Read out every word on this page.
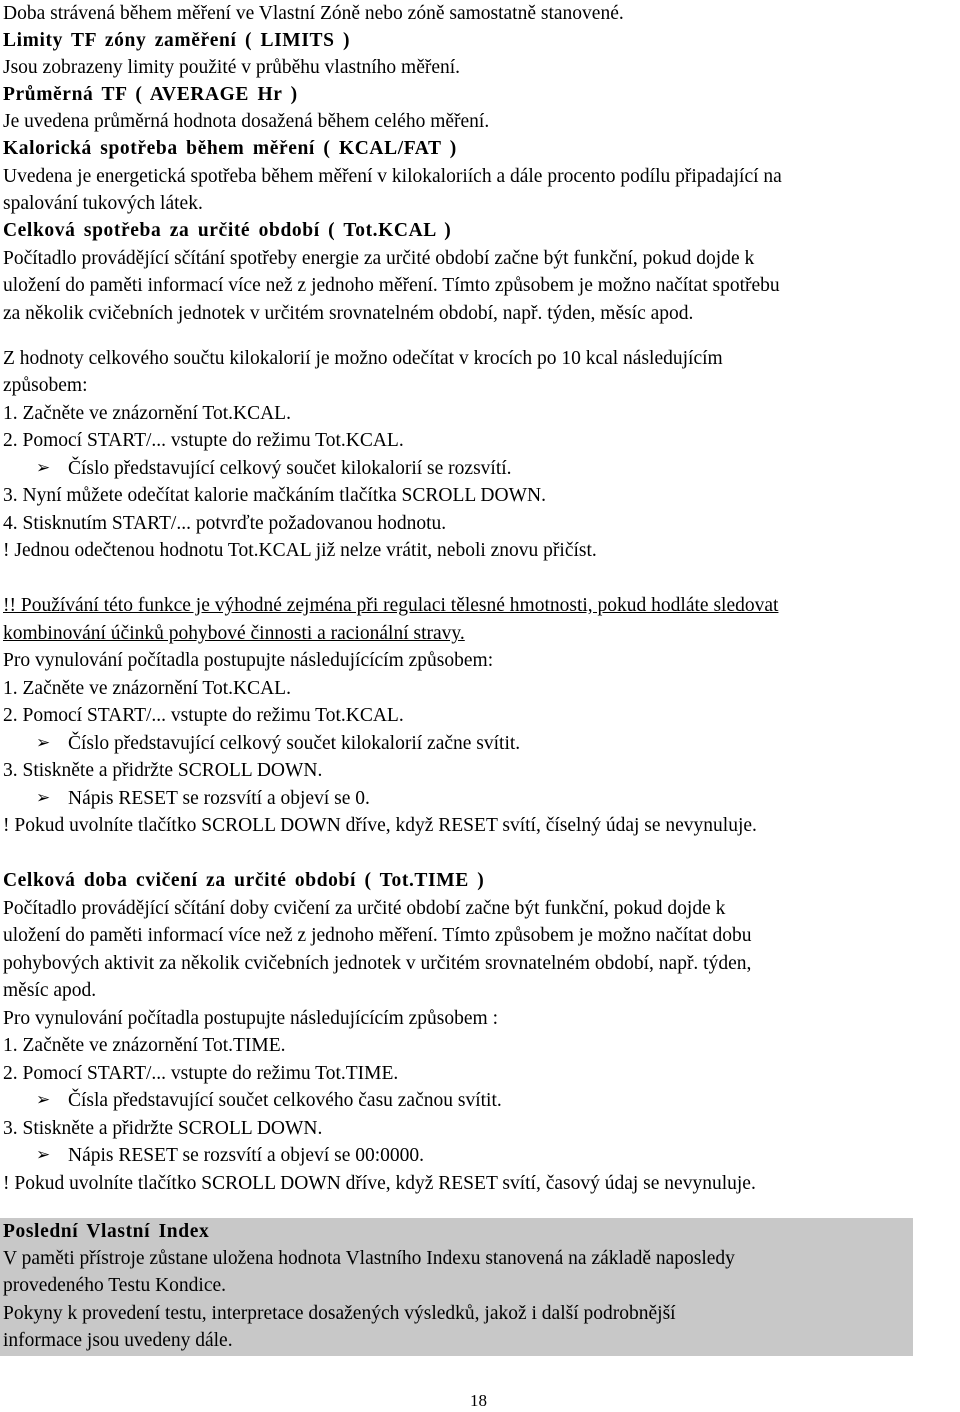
Doba strávená během měření ve Vlastní Zóně nebo zóně samostatně stanovené.
Limity TF zóny zaměření ( LIMITS )
Jsou zobrazeny limity použité v průběhu vlastního měření.
Průměrná TF ( AVERAGE Hr )
Je uvedena průměrná hodnota dosažená během celého měření.
Kalorická spotřeba během měření ( KCAL/FAT )
Uvedena je energetická spotřeba během měření v kilokaloriích a dále procento podílu připadající na
spalování tukových látek.
Celková spotřeba za určité období ( Tot.KCAL )
Počítadlo provádějící sčítání spotřeby energie za určité období začne být funkční, pokud dojde k
uložení do paměti informací více než z jednoho měření. Tímto způsobem je možno načítat spotřebu
za několik cvičebních jednotek v určitém srovnatelném období, např. týden, měsíc apod.
Z hodnoty celkového součtu kilokalorií je možno odečítat v krocích po 10 kcal následujícím
způsobem:
1. Začněte ve znázornění Tot.KCAL.
2. Pomocí START/... vstupte do režimu Tot.KCAL.
➢ Číslo představující celkový součet kilokalorií se rozsvítí.
3. Nyní můžete odečítat kalorie mačkáním tlačítka SCROLL DOWN.
4. Stisknutím START/... potvrďte požadovanou hodnotu.
! Jednou odečtenou hodnotu Tot.KCAL již nelze vrátit, neboli znovu přičíst.
!! Používání této funkce je výhodné zejména při regulaci tělesné hmotnosti, pokud hodláte sledovat
kombinování účinků pohybové činnosti a racionální stravy.
Pro vynulování počítadla postupujte následujícícím způsobem:
1. Začněte ve znázornění Tot.KCAL.
2. Pomocí START/... vstupte do režimu Tot.KCAL.
➢ Číslo představující celkový součet kilokalorií začne svítit.
3. Stiskněte a přidržte SCROLL DOWN.
➢ Nápis RESET se rozsvítí a objeví se 0.
! Pokud uvolníte tlačítko SCROLL DOWN dříve, když RESET svítí, číselný údaj se nevynuluje.
Celková doba cvičení za určité období ( Tot.TIME )
Počítadlo provádějící sčítání doby cvičení za určité období začne být funkční, pokud dojde k
uložení do paměti informací více než z jednoho měření. Tímto způsobem je možno načítat dobu
pohybových aktivit za několik cvičebních jednotek v určitém srovnatelném období, např. týden,
měsíc apod.
Pro vynulování počítadla postupujte následujícícím způsobem :
1. Začněte ve znázornění Tot.TIME.
2. Pomocí START/... vstupte do režimu Tot.TIME.
➢ Čísla představující součet celkového času začnou svítit.
3. Stiskněte a přidržte SCROLL DOWN.
➢ Nápis RESET se rozsvítí a objeví se 00:0000.
! Pokud uvolníte tlačítko SCROLL DOWN dříve, když RESET svítí, časový údaj se nevynuluje.
Poslední Vlastní Index
V paměti přístroje zůstane uložena hodnota Vlastního Indexu stanovená na základě naposledy
provedeného Testu Kondice.
Pokyny k provedení testu, interpretace dosažených výsledků, jakož i další podrobnější
informace jsou uvedeny dále.
18
